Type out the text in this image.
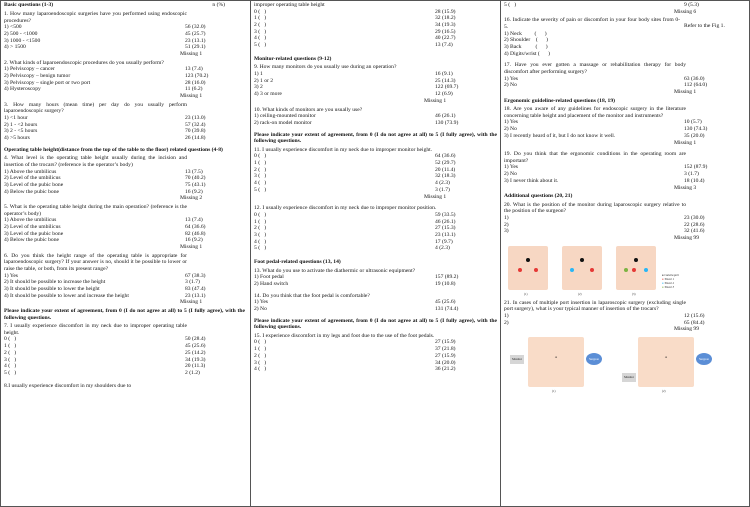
Basic questions (1-3)	n (%)
1. How many laparoendoscopic surgeries have you performed using endoscopic procedures?
1) <500	56 (32.0)
2) 500 - <1000	45 (25.7)
3) 1000 - <1500	23 (13.1)
4) > 1500	51 (29.1)
Missing 1
2. What kinds of laparoendoscopic procedures do you usually perform?
1) Pelviscopy – cancer	13 (7.4)
2) Pelviscopy – benign tumor	123 (70.2)
3) Pelviscopy – single port or two port	28 (16.0)
4) Hysteroscopy	11 (6.2)
Missing 1
3. How many hours (mean time) per day do you usually perform laparoendoscopic surgery?
1) <1 hour	23 (13.0)
2) 1 - <2 hours	57 (32.4)
3) 2 - <5 hours	70 (39.8)
4) >5 hours	26 (14.8)
Operating table height(distance from the top of the table to the floor) related questions (4-8)
4. What level is the operating table height usually during the incision and insertion of the trocars? (reference is the operator’s body)
1) Above the umbilicus	13 (7.5)
2) Level of the umbilicus	70 (40.2)
3) Level of the pubic bone	75 (43.1)
4) Below the pubic bone	16 (9.2)
Missing 2
5. What is the operating table height during the main operation? (reference is the operator’s body)
1) Above the umbilicus	13 (7.4)
2) Level of the umbilicus	64 (36.6)
3) Level of the pubic bone	82 (46.8)
4) Below the pubic bone	16 (9.2)
Missing 1
6. Do you think the height range of the operating table is appropriate for laparoendoscopic surgery? If your answer is no, should it be possible to lower or raise the table, or both, from its present range?
1) Yes	67 (38.3)
2) It should be possible to increase the height	3 (1.7)
3) It should be possible to lower the height	83 (47.4)
4) It should be possible to lower and increase the height	23 (13.1)
Missing 1
Please indicate your extent of agreement, from 0 (I do not agree at all) to 5 (I fully agree), with the following questions.
7. I usually experience discomfort in my neck due to improper operating table height.
0 (   )	50 (28.4)
1 (   )	45 (25.6)
2 (   )	25 (14.2)
3 (   )	34 (19.3)
4 (   )	20 (11.3)
5 (   )	2 (1.2)
8.I usually experience discomfort in my shoulders due to
improper operating table height
0 (   )	28 (15.9)
1 (   )	32 (18.2)
2 (   )	34 (19.3)
3 (   )	29 (16.5)
4 (   )	40 (22.7)
5 (   )	13 (7.4)
Monitor-related questions (9-12)
9. How many monitors do you usually use during an operation?
1) 1	16 (9.1)
2) 1 or 2	25 (14.3)
3) 2	122 (69.7)
4) 3 or more	12 (6.9)
Missing 1
10. What kinds of monitors are you usually use?
1) ceiling-mounted monitor	46 (26.1)
2) rack-on model monitor	130 (73.9)
Please indicate your extent of agreement, from 0 (I do not agree at all) to 5 (I fully agree), with the following questions.
11. I usually experience discomfort in my neck due to improper monitor height.
0 (   )	64 (36.6)
1 (   )	52 (29.7)
2 (   )	20 (11.4)
3 (   )	32 (18.3)
4 (   )	4 (2.3)
5 (   )	3 (1.7)
Missing 1
12. I usually experience discomfort in my neck due to improper monitor position.
0 (   )	59 (33.5)
1 (   )	46 (26.1)
2 (   )	27 (15.3)
3 (   )	23 (13.1)
4 (   )	17 (9.7)
5 (   )	4 (2.3)
Foot pedal-related questions (13, 14)
13. What do you use to activate the diathermic or ultrasonic equipment?
1) Foot pedal	157 (89.2)
2) Hand switch	19 (10.8)
14. Do you think that the foot pedal is comfortable?
1) Yes	45 (25.6)
2) No	131 (74.4)
Please indicate your extent of agreement, from 0 (I do not agree at all) to 5 (I fully agree), with the following questions.
15. I experience discomfort in my legs and foot due to the use of the foot pedals.
0 (   )	27 (15.9)
1 (   )	37 (21.8)
2 (   )	27 (15.9)
3 (   )	34 (20.0)
4 (   )	36 (21.2)
5 (   )	9 (5.3)
Missing 6
16. Indicate the severity of pain or discomfort in your four body sites from 0-5.	Refer to the Fig 1.
1) Neck         (      )
2) Shoulder    (      )
3) Back          (      )
4) Digits/wrist (      )
17. Have you ever gotten a massage or rehabilitation therapy for body discomfort after performing surgery?
1) Yes	63 (36.0)
2) No	112 (64.0)
Missing 1
Ergonomic guideline-related questions (18, 19)
18. Are you aware of any guidelines for endoscopic surgery in the literature concerning table height and placement of the monitor and instruments?
1) Yes	10 (5.7)
2) No	130 (74.3)
3) I recently heard of it, but I do not know it well.	35 (20.0)
Missing 1
19. Do you think that the ergonomic conditions in the operating room are important?
1) Yes	152 (87.9)
2) No	3 (1.7)
3) I never think about it.	18 (10.4)
Missing 3
Additional questions (20, 21)
20. What is the position of the monitor during laparoscopic surgery relative to the position of the surgeon?
1)	23 (30.0)
2)	22 (28.6)
3)	32 (41.6)
Missing 99
(1)	(2)	(3)
● Camera port
● Trocar 1
● Trocar 2
● Trocar 3
21. In cases of multiple port insertion in laparoscopic surgery (excluding single port surgery), what is your typical manner of insertion of the trocars?
1)	12 (15.6)
2)	65 (84.4)
Missing 99
Monitor	A	Surgeon
(1)
Monitor
A	Surgeon
(2)
